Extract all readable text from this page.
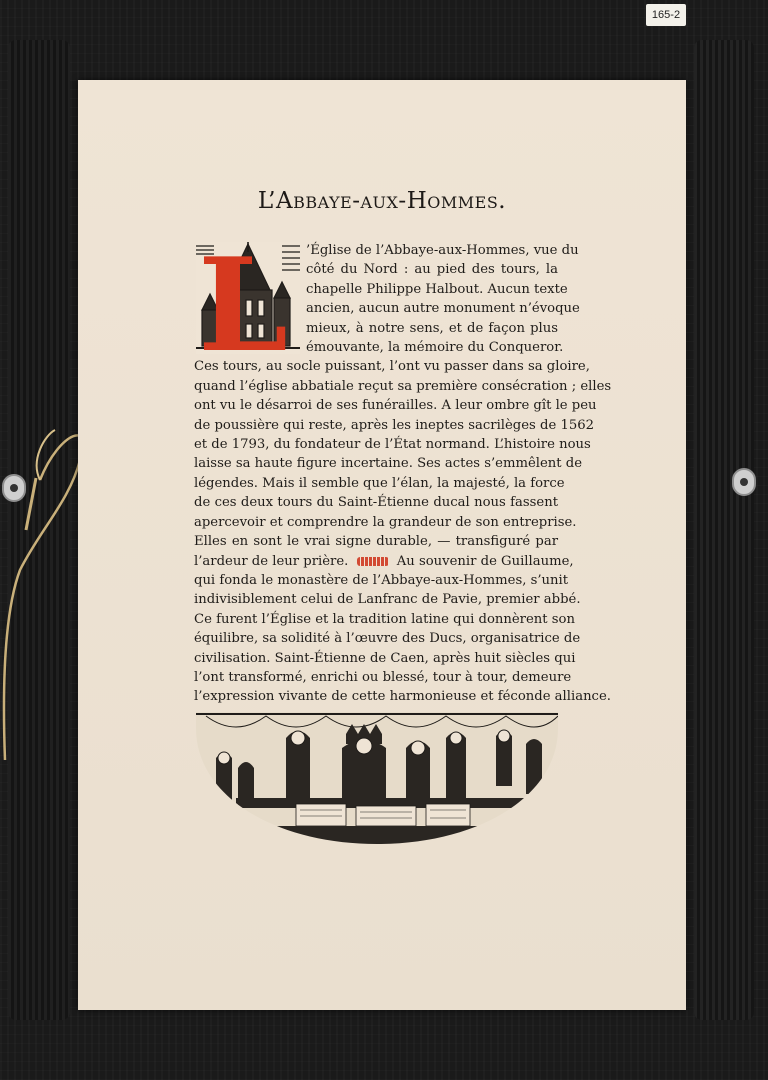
165-2
L’Abbaye-aux-Hommes.
L	’Église de l’Abbaye-aux-Hommes, vue du
côté du Nord : au pied des tours, la
chapelle Philippe Halbout. Aucun texte
ancien, aucun autre monument n’évoque
mieux, à notre sens, et de façon plus
émouvante, la mémoire du Conqueror.
Ces tours, au socle puissant, l’ont vu passer dans sa gloire,
quand l’église abbatiale reçut sa première consécration ; elles
ont vu le désarroi de ses funérailles. A leur ombre gît le peu
de poussière qui reste, après les ineptes sacrilèges de 1562
et de 1793, du fondateur de l’État normand. L’histoire nous
laisse sa haute figure incertaine. Ses actes s’emmêlent de
légendes. Mais il semble que l’élan, la majesté, la force
de ces deux tours du Saint-Étienne ducal nous fassent
apercevoir et comprendre la grandeur de son entreprise.
Elles en sont le vrai signe durable, — transfiguré par
l’ardeur de leur prière.	Au souvenir de Guillaume,
qui fonda le monastère de l’Abbaye-aux-Hommes, s’unit
indivisiblement celui de Lanfranc de Pavie, premier abbé.
Ce furent l’Église et la tradition latine qui donnèrent son
équilibre, sa solidité à l’œuvre des Ducs, organisatrice de
civilisation. Saint-Étienne de Caen, après huit siècles qui
l’ont transformé, enrichi ou blessé, tour à tour, demeure
l’expression vivante de cette harmonieuse et féconde alliance.
